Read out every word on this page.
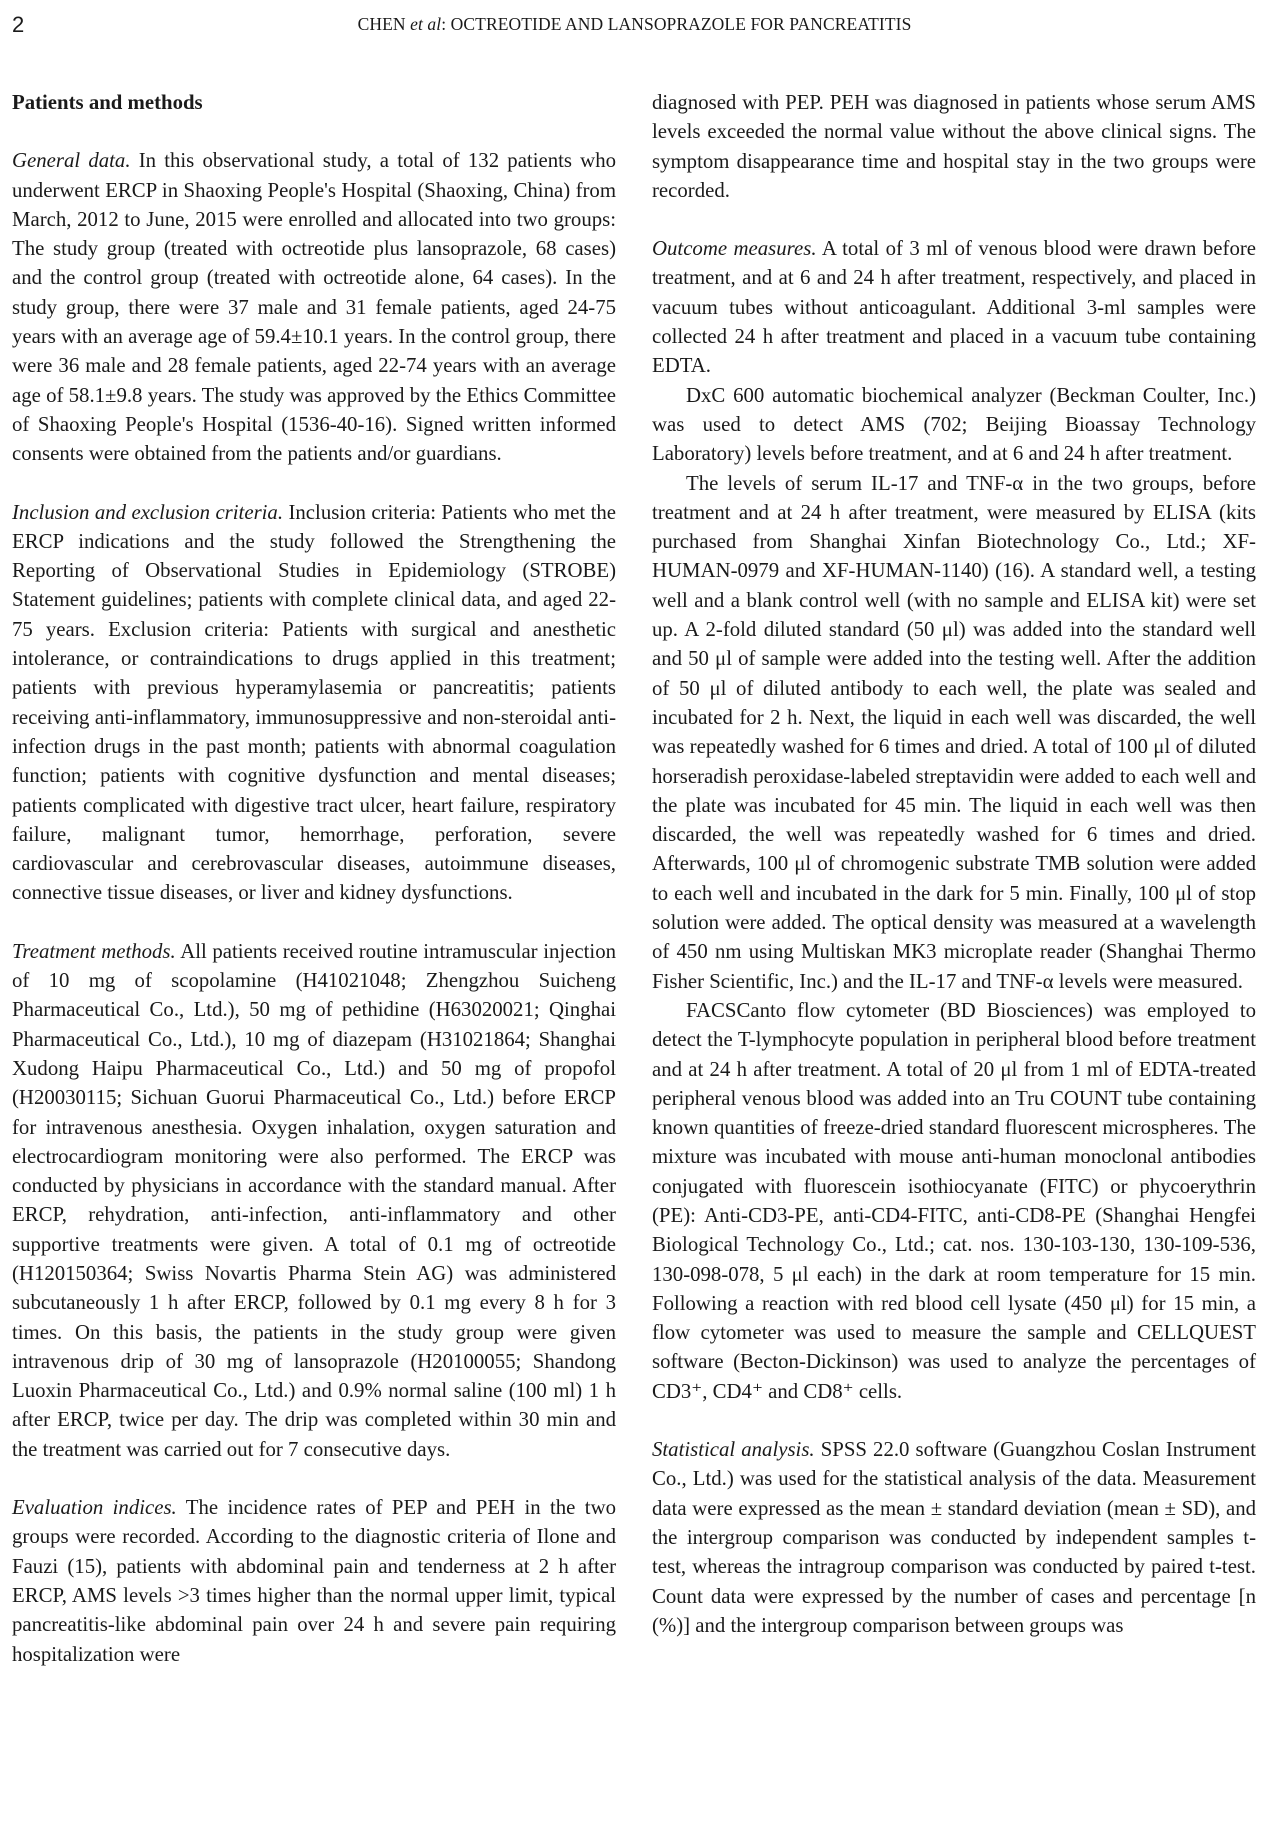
2	CHEN et al: OCTREOTIDE AND LANSOPRAZOLE FOR PANCREATITIS
Patients and methods

General data. In this observational study, a total of 132 patients who underwent ERCP in Shaoxing People's Hospital (Shaoxing, China) from March, 2012 to June, 2015 were enrolled and allocated into two groups: The study group (treated with octreotide plus lansoprazole, 68 cases) and the control group (treated with octreotide alone, 64 cases). In the study group, there were 37 male and 31 female patients, aged 24-75 years with an average age of 59.4±10.1 years. In the control group, there were 36 male and 28 female patients, aged 22-74 years with an average age of 58.1±9.8 years. The study was approved by the Ethics Committee of Shaoxing People's Hospital (1536-40-16). Signed written informed consents were obtained from the patients and/or guardians.

Inclusion and exclusion criteria. Inclusion criteria: Patients who met the ERCP indications and the study followed the Strengthening the Reporting of Observational Studies in Epidemiology (STROBE) Statement guidelines; patients with complete clinical data, and aged 22-75 years. Exclusion criteria: Patients with surgical and anesthetic intolerance, or contraindications to drugs applied in this treatment; patients with previous hyperamylasemia or pancreatitis; patients receiving anti-inflammatory, immunosuppressive and non-steroidal anti-infection drugs in the past month; patients with abnormal coagulation function; patients with cognitive dysfunction and mental diseases; patients complicated with digestive tract ulcer, heart failure, respiratory failure, malignant tumor, hemorrhage, perforation, severe cardiovascular and cerebrovascular diseases, autoimmune diseases, connective tissue diseases, or liver and kidney dysfunctions.

Treatment methods. All patients received routine intramuscular injection of 10 mg of scopolamine (H41021048; Zhengzhou Suicheng Pharmaceutical Co., Ltd.), 50 mg of pethidine (H63020021; Qinghai Pharmaceutical Co., Ltd.), 10 mg of diazepam (H31021864; Shanghai Xudong Haipu Pharmaceutical Co., Ltd.) and 50 mg of propofol (H20030115; Sichuan Guorui Pharmaceutical Co., Ltd.) before ERCP for intravenous anesthesia. Oxygen inhalation, oxygen saturation and electrocardiogram monitoring were also performed. The ERCP was conducted by physicians in accordance with the standard manual. After ERCP, rehydration, anti-infection, anti-inflammatory and other supportive treatments were given. A total of 0.1 mg of octreotide (H120150364; Swiss Novartis Pharma Stein AG) was administered subcutaneously 1 h after ERCP, followed by 0.1 mg every 8 h for 3 times. On this basis, the patients in the study group were given intravenous drip of 30 mg of lansoprazole (H20100055; Shandong Luoxin Pharmaceutical Co., Ltd.) and 0.9% normal saline (100 ml) 1 h after ERCP, twice per day. The drip was completed within 30 min and the treatment was carried out for 7 consecutive days.

Evaluation indices. The incidence rates of PEP and PEH in the two groups were recorded. According to the diagnostic criteria of Ilone and Fauzi (15), patients with abdominal pain and tenderness at 2 h after ERCP, AMS levels >3 times higher than the normal upper limit, typical pancreatitis-like abdominal pain over 24 h and severe pain requiring hospitalization were

diagnosed with PEP. PEH was diagnosed in patients whose serum AMS levels exceeded the normal value without the above clinical signs. The symptom disappearance time and hospital stay in the two groups were recorded.

Outcome measures. A total of 3 ml of venous blood were drawn before treatment, and at 6 and 24 h after treatment, respectively, and placed in vacuum tubes without anticoagulant. Additional 3-ml samples were collected 24 h after treatment and placed in a vacuum tube containing EDTA.

DxC 600 automatic biochemical analyzer (Beckman Coulter, Inc.) was used to detect AMS (702; Beijing Bioassay Technology Laboratory) levels before treatment, and at 6 and 24 h after treatment.

The levels of serum IL-17 and TNF-α in the two groups, before treatment and at 24 h after treatment, were measured by ELISA (kits purchased from Shanghai Xinfan Biotechnology Co., Ltd.; XF-HUMAN-0979 and XF-HUMAN-1140) (16). A standard well, a testing well and a blank control well (with no sample and ELISA kit) were set up. A 2-fold diluted standard (50 μl) was added into the standard well and 50 μl of sample were added into the testing well. After the addition of 50 μl of diluted antibody to each well, the plate was sealed and incubated for 2 h. Next, the liquid in each well was discarded, the well was repeatedly washed for 6 times and dried. A total of 100 μl of diluted horseradish peroxidase-labeled streptavidin were added to each well and the plate was incubated for 45 min. The liquid in each well was then discarded, the well was repeatedly washed for 6 times and dried. Afterwards, 100 μl of chromogenic substrate TMB solution were added to each well and incubated in the dark for 5 min. Finally, 100 μl of stop solution were added. The optical density was measured at a wavelength of 450 nm using Multiskan MK3 microplate reader (Shanghai Thermo Fisher Scientific, Inc.) and the IL-17 and TNF-α levels were measured.

FACSCanto flow cytometer (BD Biosciences) was employed to detect the T-lymphocyte population in peripheral blood before treatment and at 24 h after treatment. A total of 20 μl from 1 ml of EDTA-treated peripheral venous blood was added into an Tru COUNT tube containing known quantities of freeze-dried standard fluorescent microspheres. The mixture was incubated with mouse anti-human monoclonal antibodies conjugated with fluorescein isothiocyanate (FITC) or phycoerythrin (PE): Anti-CD3-PE, anti-CD4-FITC, anti-CD8-PE (Shanghai Hengfei Biological Technology Co., Ltd.; cat. nos. 130-103-130, 130-109-536, 130-098-078, 5 μl each) in the dark at room temperature for 15 min. Following a reaction with red blood cell lysate (450 μl) for 15 min, a flow cytometer was used to measure the sample and CELLQUEST software (Becton-Dickinson) was used to analyze the percentages of CD3⁺, CD4⁺ and CD8⁺ cells.

Statistical analysis. SPSS 22.0 software (Guangzhou Coslan Instrument Co., Ltd.) was used for the statistical analysis of the data. Measurement data were expressed as the mean ± standard deviation (mean ± SD), and the intergroup comparison was conducted by independent samples t-test, whereas the intragroup comparison was conducted by paired t-test. Count data were expressed by the number of cases and percentage [n (%)] and the intergroup comparison between groups was
